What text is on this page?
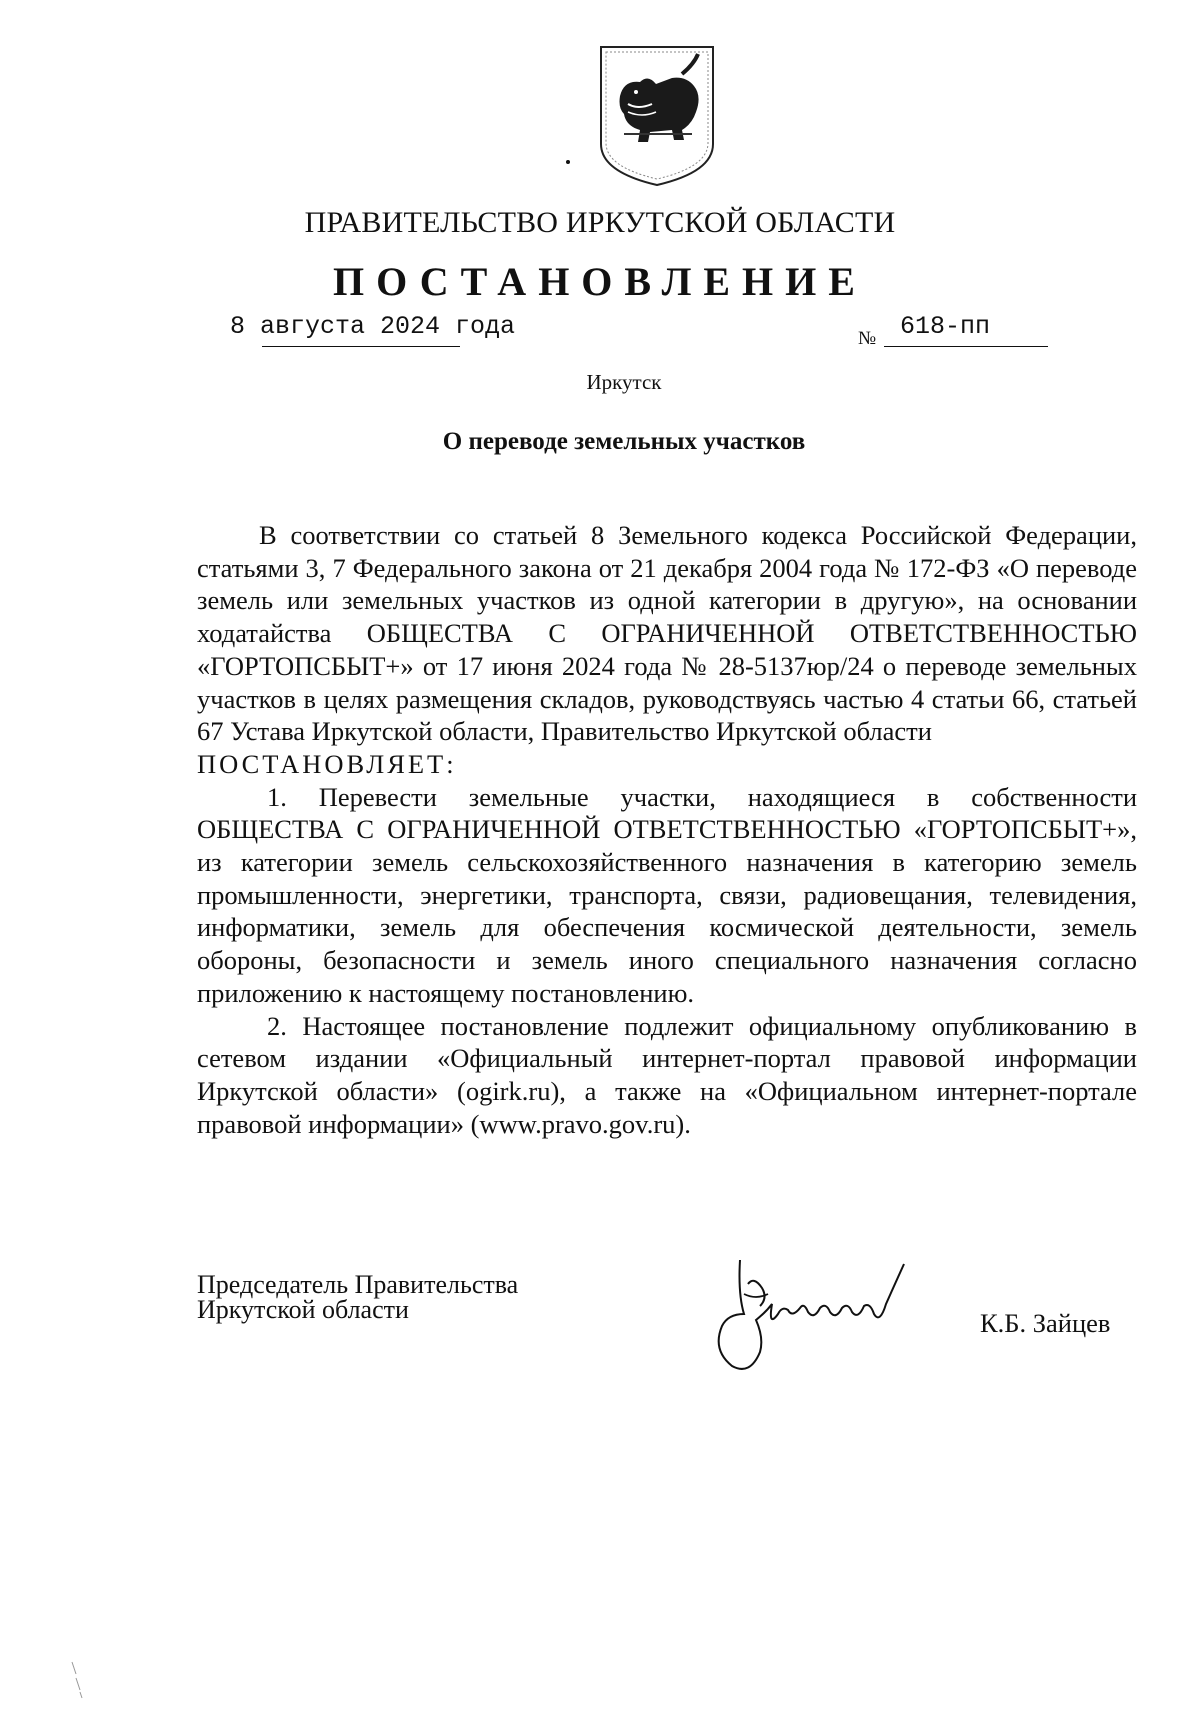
ПРАВИТЕЛЬСТВО ИРКУТСКОЙ ОБЛАСТИ
ПОСТАНОВЛЕНИЕ
8 августа 2024 года	№ 618-пп
Иркутск
О переводе земельных участков

В соответствии со статьей 8 Земельного кодекса Российской Федерации, статьями 3, 7 Федерального закона от 21 декабря 2004 года № 172-ФЗ «О переводе земель или земельных участков из одной категории в другую», на основании ходатайства ОБЩЕСТВА С ОГРАНИЧЕННОЙ ОТВЕТСТВЕННОСТЬЮ «ГОРТОПСБЫТ+» от 17 июня 2024 года № 28-5137юр/24 о переводе земельных участков в целях размещения складов, руководствуясь частью 4 статьи 66, статьей 67 Устава Иркутской области, Правительство Иркутской области

ПОСТАНОВЛЯЕТ:

1. Перевести земельные участки, находящиеся в собственности ОБЩЕСТВА С ОГРАНИЧЕННОЙ ОТВЕТСТВЕННОСТЬЮ «ГОРТОПСБЫТ+», из категории земель сельскохозяйственного назначения в категорию земель промышленности, энергетики, транспорта, связи, радиовещания, телевидения, информатики, земель для обеспечения космической деятельности, земель обороны, безопасности и земель иного специального назначения согласно приложению к настоящему постановлению.

2. Настоящее постановление подлежит официальному опубликованию в сетевом издании «Официальный интернет-портал правовой информации Иркутской области» (ogirk.ru), а также на «Официальном интернет-портале правовой информации» (www.pravo.gov.ru).

Председатель Правительства
Иркутской области	К.Б. Зайцев
